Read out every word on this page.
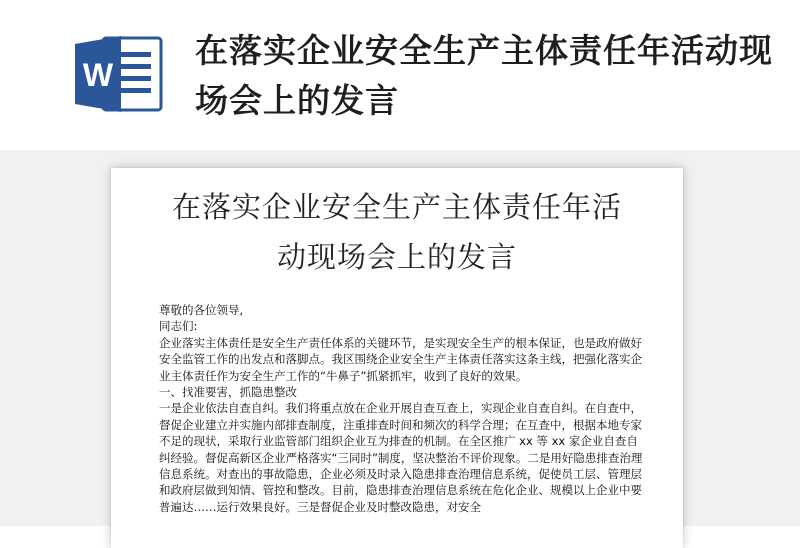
W
在落实企业安全生产主体责任年活动现场会上的发言
在落实企业安全生产主体责任年活
动现场会上的发言

尊敬的各位领导,

同志们:

企业落实主体责任是安全生产责任体系的关键环节，是实现安全生产的根本保证，也是政府做好安全监管工作的出发点和落脚点。我区围绕企业安全生产主体责任落实这条主线，把强化落实企业主体责任作为安全生产工作的“牛鼻子”抓紧抓牢，收到了良好的效果。

一、找准要害，抓隐患整改

一是企业依法自查自纠。我们将重点放在企业开展自查互查上，实现企业自查自纠。在自查中，督促企业建立并实施内部排查制度，注重排查时间和频次的科学合理；在互查中，根据本地专家不足的现状，采取行业监管部门组织企业互为排查的机制。在全区推广 xx 等 xx 家企业自查自纠经验。督促高新区企业严格落实“三同时”制度，坚决整治不评价现象。二是用好隐患排查治理信息系统。对查出的事故隐患，企业必须及时录入隐患排查治理信息系统，促使员工层、管理层和政府层做到知情、管控和整改。目前，隐患排查治理信息系统在危化企业、规模以上企业中要普遍达……运行效果良好。三是督促企业及时整改隐患，对安全
